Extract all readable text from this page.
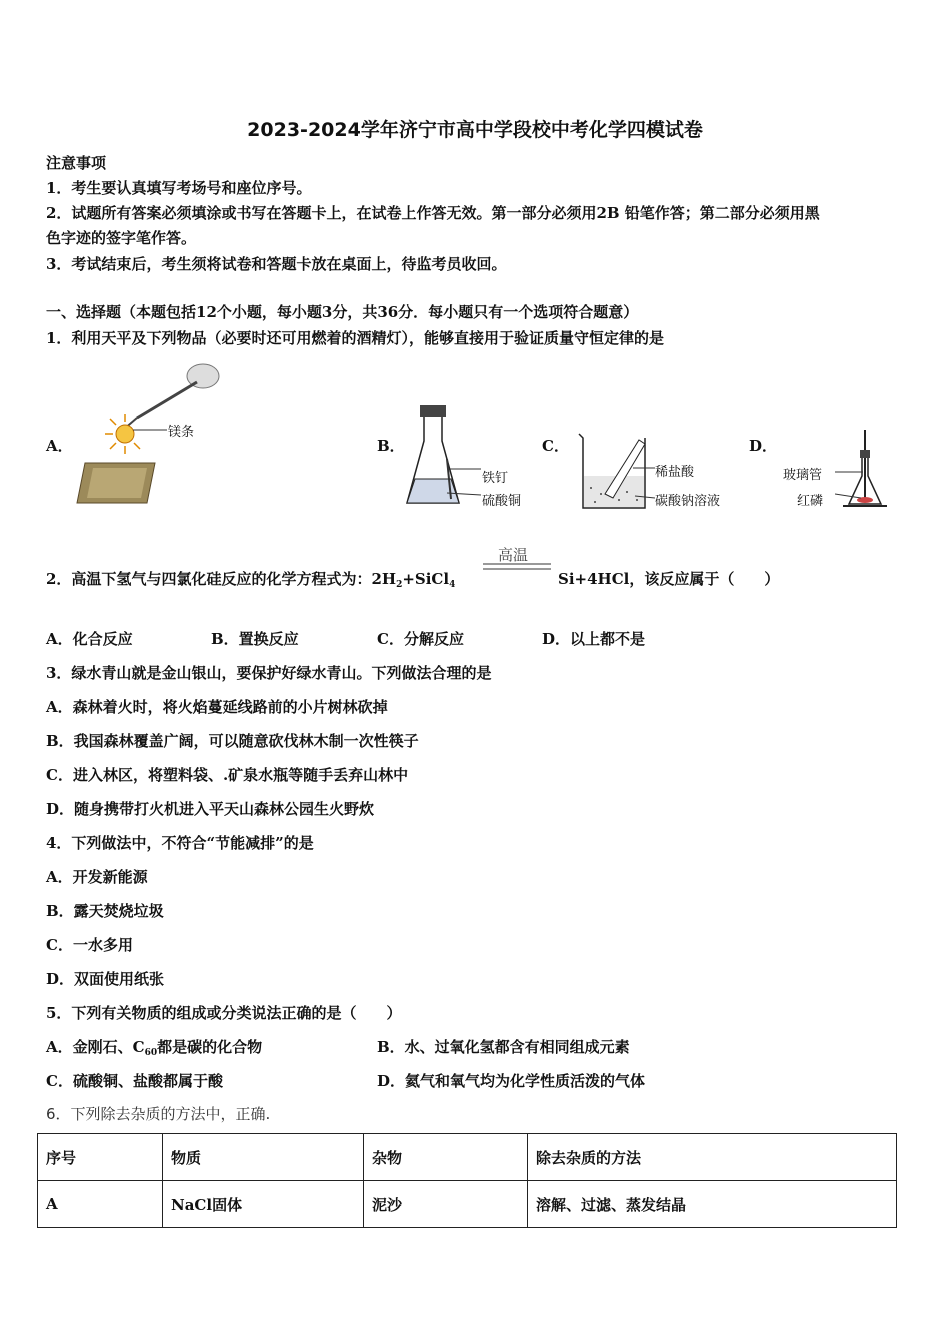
2023-2024学年济宁市高中学段校中考化学四模试卷
注意事项
1．考生要认真填写考场号和座位序号。
2．试题所有答案必须填涂或书写在答题卡上，在试卷上作答无效。第一部分必须用2B 铅笔作答；第二部分必须用黑
色字迹的签字笔作答。
3．考试结束后，考生须将试卷和答题卡放在桌面上，待监考员收回。
一、选择题（本题包括12个小题，每小题3分，共36分．每小题只有一个选项符合题意）
1．利用天平及下列物品（必要时还可用燃着的酒精灯），能够直接用于验证质量守恒定律的是
A．	B．	C．	D．
镁条
铁钉
硫酸铜
稀盐酸
碳酸钠溶液
玻璃管
红磷
2．高温下氢气与四氯化硅反应的化学方程式为：$2H_2+SiCl_4$
高温
Si+4HCl，该反应属于（　　）
A．化合反应	B．置换反应	C．分解反应	D．以上都不是
3．绿水青山就是金山银山，要保护好绿水青山。下列做法合理的是
A．森林着火时，将火焰蔓延线路前的小片树林砍掉
B．我国森林覆盖广阔，可以随意砍伐林木制一次性筷子
C．进入林区，将塑料袋、.矿泉水瓶等随手丢弃山林中
D．随身携带打火机进入平天山森林公园生火野炊
4．下列做法中，不符合“节能减排”的是
A．开发新能源
B．露天焚烧垃圾
C．一水多用
D．双面使用纸张
5．下列有关物质的组成或分类说法正确的是（　　）
A．金刚石、$C_{60}$都是碳的化合物	B．水、过氧化氢都含有相同组成元素
C．硫酸铜、盐酸都属于酸	D．氦气和氧气均为化学性质活泼的气体
6．下列除去杂质的方法中，正确.
序号	物质	杂物	除去杂质的方法
A	NaCl固体	泥沙	溶解、过滤、蒸发结晶
